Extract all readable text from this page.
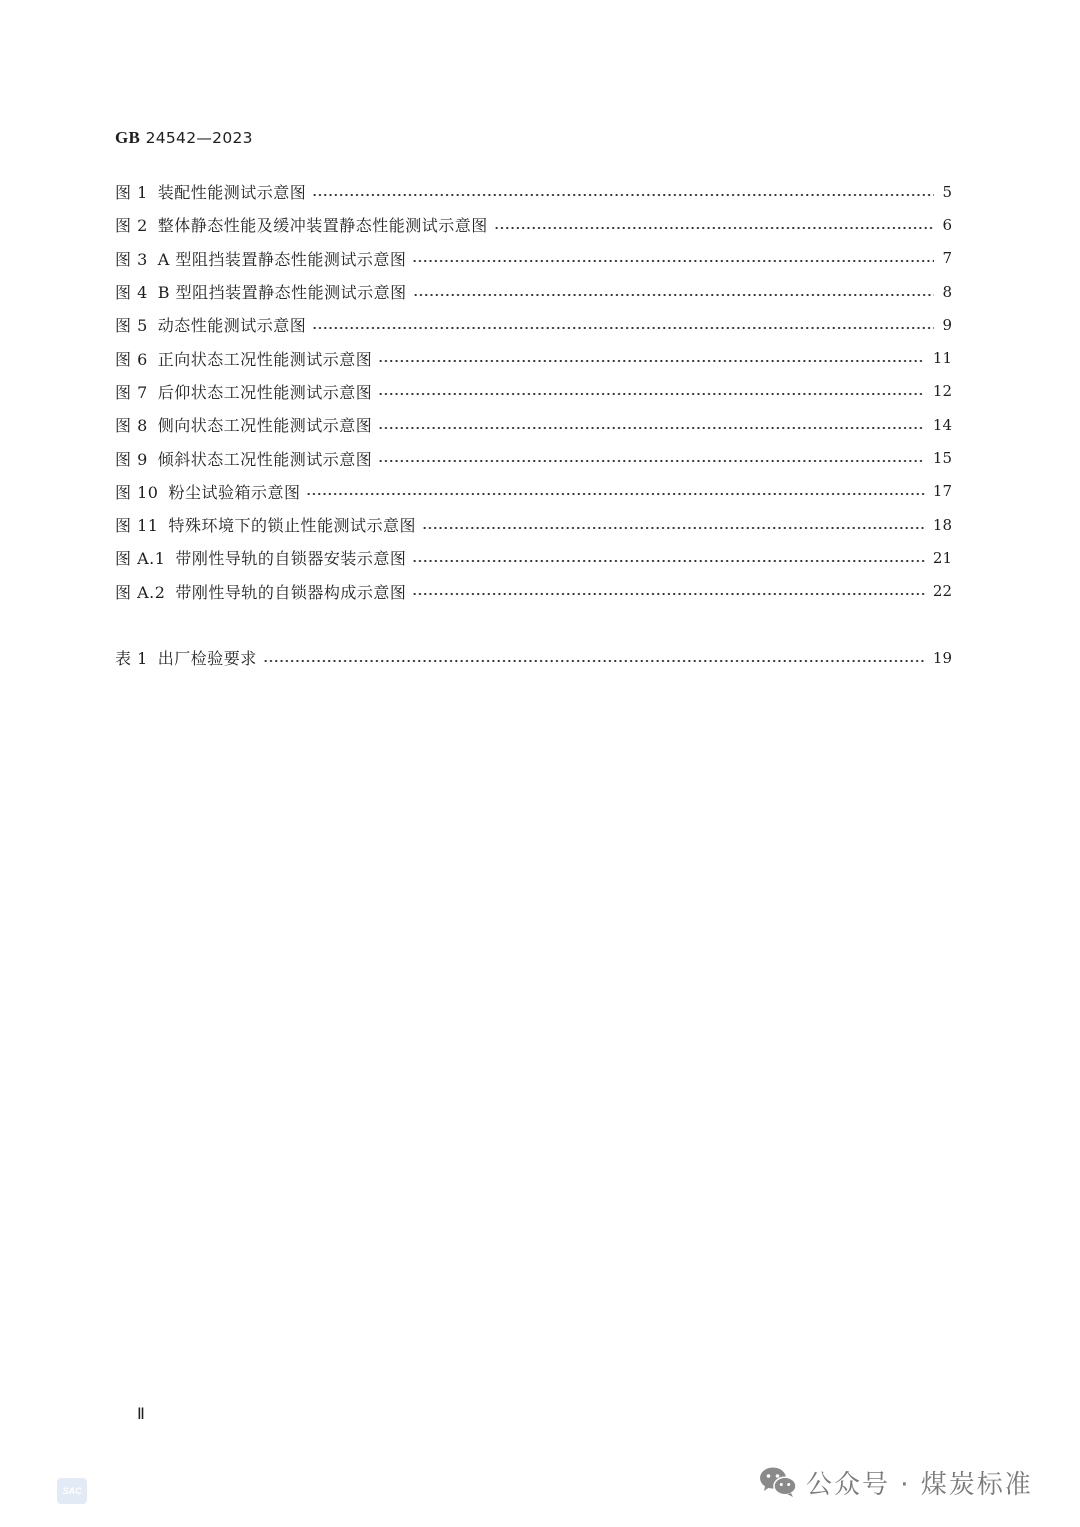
GB 24542—2023
图 1 装配性能测试示意图	5
图 2 整体静态性能及缓冲装置静态性能测试示意图	6
图 3 A 型阻挡装置静态性能测试示意图	7
图 4 B 型阻挡装置静态性能测试示意图	8
图 5 动态性能测试示意图	9
图 6 正向状态工况性能测试示意图	11
图 7 后仰状态工况性能测试示意图	12
图 8 侧向状态工况性能测试示意图	14
图 9 倾斜状态工况性能测试示意图	15
图 10 粉尘试验箱示意图	17
图 11 特殊环境下的锁止性能测试示意图	18
图 A.1 带刚性导轨的自锁器安装示意图	21
图 A.2 带刚性导轨的自锁器构成示意图	22
表 1 出厂检验要求	19
Ⅱ
SAC	公众号 · 煤炭标准
